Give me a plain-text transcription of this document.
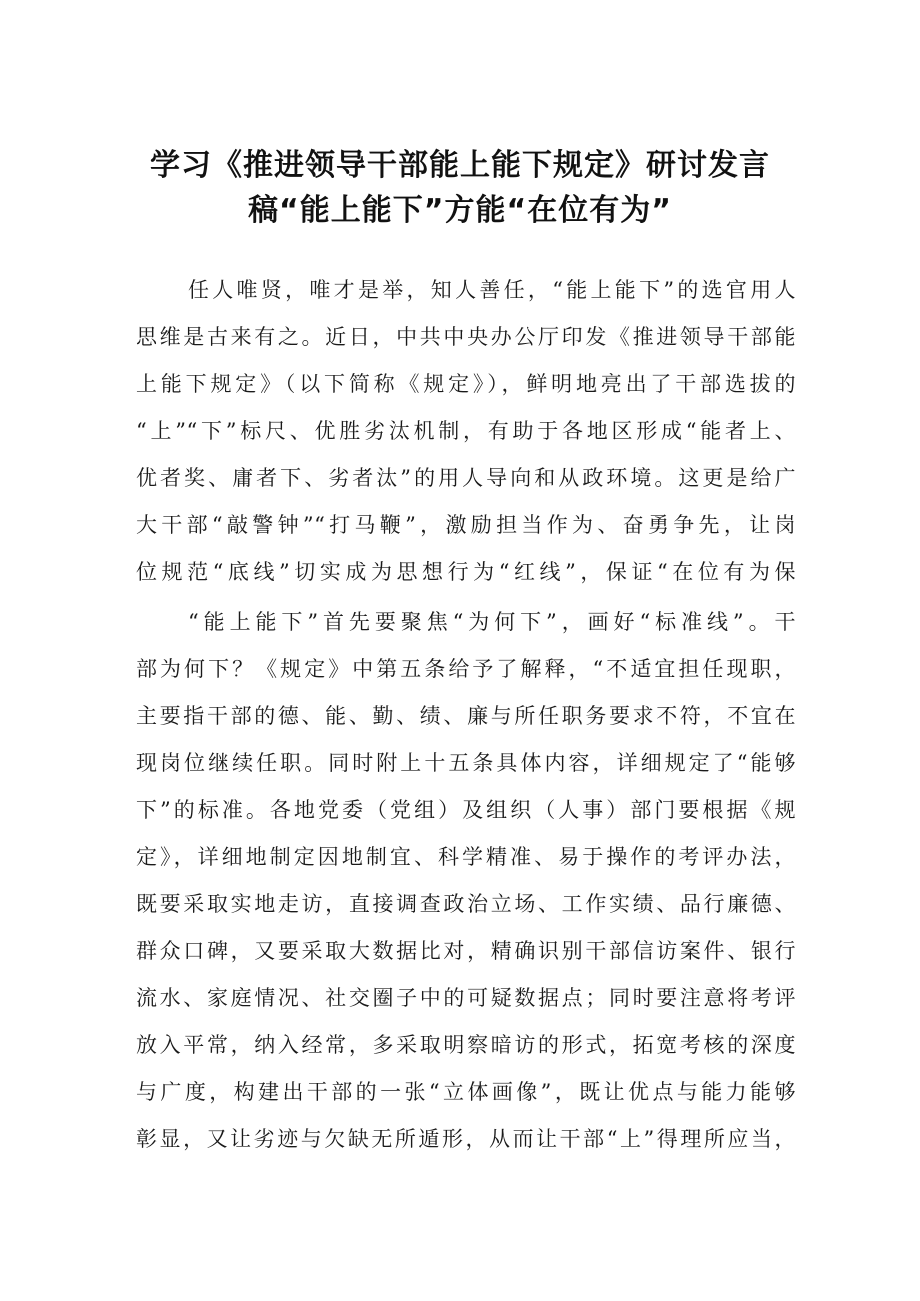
学习《推进领导干部能上能下规定》研讨发言
稿“能上能下”方能“在位有为”
任人唯贤，唯才是举，知人善任，“能上能下”的选官用人
思维是古来有之。近日，中共中央办公厅印发《推进领导干部能
上能下规定》（以下简称《规定》），鲜明地亮出了干部选拔的
“上”“下”标尺、优胜劣汰机制，有助于各地区形成“能者上、
优者奖、庸者下、劣者汰”的用人导向和从政环境。这更是给广
大干部“敲警钟”“打马鞭”，激励担当作为、奋勇争先，让岗
位规范“底线”切实成为思想行为“红线”，保证“在位有为保
“能上能下”首先要聚焦“为何下”，画好“标准线”。干
部为何下？《规定》中第五条给予了解释，“不适宜担任现职，
主要指干部的德、能、勤、绩、廉与所任职务要求不符，不宜在
现岗位继续任职。同时附上十五条具体内容，详细规定了“能够
下”的标准。各地党委（党组）及组织（人事）部门要根据《规
定》，详细地制定因地制宜、科学精准、易于操作的考评办法，
既要采取实地走访，直接调查政治立场、工作实绩、品行廉德、
群众口碑，又要采取大数据比对，精确识别干部信访案件、银行
流水、家庭情况、社交圈子中的可疑数据点；同时要注意将考评
放入平常，纳入经常，多采取明察暗访的形式，拓宽考核的深度
与广度，构建出干部的一张“立体画像”，既让优点与能力能够
彰显，又让劣迹与欠缺无所遁形，从而让干部“上”得理所应当，
